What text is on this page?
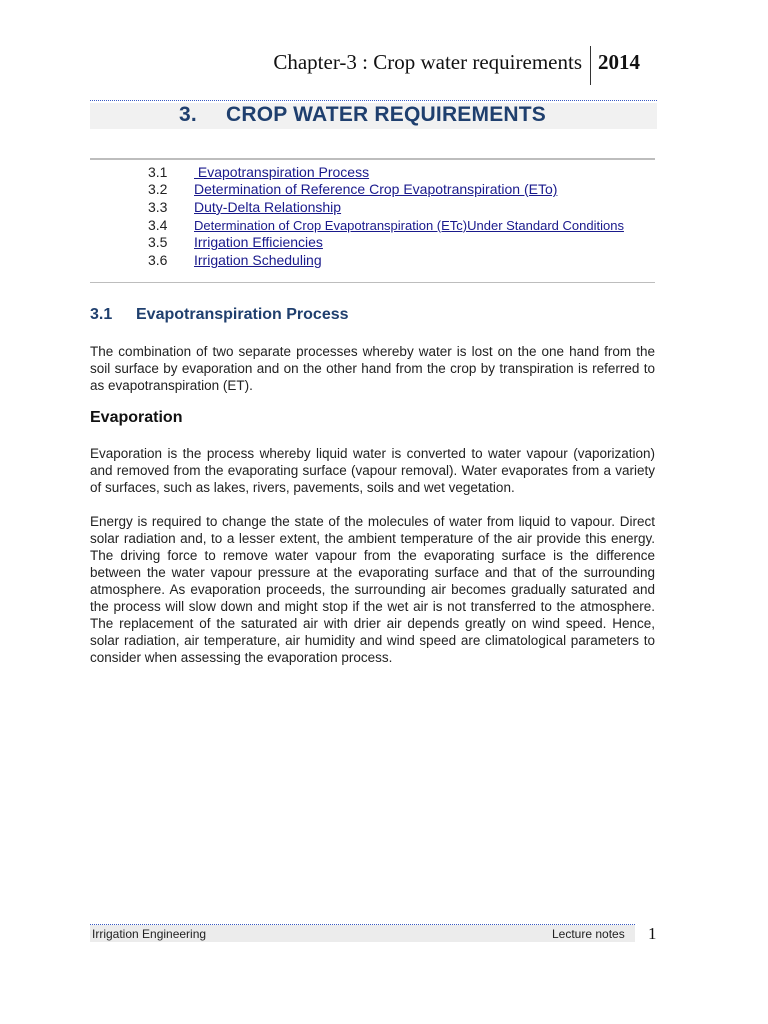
Chapter-3 : Crop water requirements 2014
3. CROP WATER REQUIREMENTS
3.1 Evapotranspiration Process
3.2 Determination of Reference Crop Evapotranspiration (ETo)
3.3 Duty-Delta Relationship
3.4 Determination of Crop Evapotranspiration (ETc)Under Standard Conditions
3.5 Irrigation Efficiencies
3.6 Irrigation Scheduling
3.1 Evapotranspiration Process
The combination of two separate processes whereby water is lost on the one hand from the soil surface by evaporation and on the other hand from the crop by transpiration is referred to as evapotranspiration (ET).
Evaporation
Evaporation is the process whereby liquid water is converted to water vapour (vaporization) and removed from the evaporating surface (vapour removal). Water evaporates from a variety of surfaces, such as lakes, rivers, pavements, soils and wet vegetation.
Energy is required to change the state of the molecules of water from liquid to vapour. Direct solar radiation and, to a lesser extent, the ambient temperature of the air provide this energy. The driving force to remove water vapour from the evaporating surface is the difference between the water vapour pressure at the evaporating surface and that of the surrounding atmosphere. As evaporation proceeds, the surrounding air becomes gradually saturated and the process will slow down and might stop if the wet air is not transferred to the atmosphere. The replacement of the saturated air with drier air depends greatly on wind speed. Hence, solar radiation, air temperature, air humidity and wind speed are climatological parameters to consider when assessing the evaporation process.
Irrigation Engineering	Lecture notes 1
